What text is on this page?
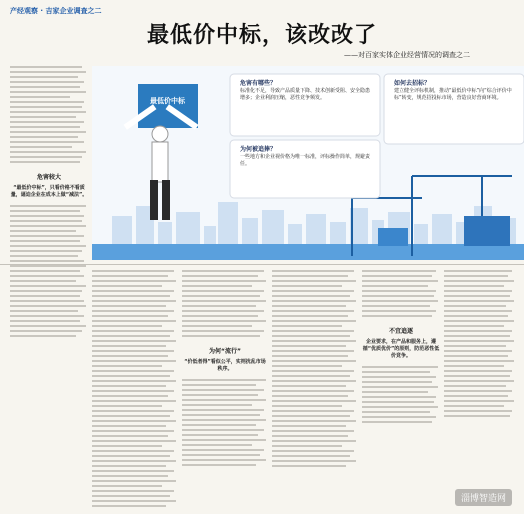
产经观察 · 吉家企业调查之二
最低价中标，该改改了
——对百家实体企业经营情况的调查之二
危害较大
“最低价中标”，只看价格不看质量，逼迫企业在成本上做“减法”。
最低价中标
危害有哪些？
标准化不足，导致产品质量下降、技术创新受阻、安全隐患增多；企业利润压缩，恶性竞争频发。
如何去招标？
建立健全评标机制，推动“最低价中标”向“综合评价中标”转变，规范招投标市场，营造良好营商环境。
为何被追捧？
一些地方和企业视价格为唯一标准，评标操作简单，规避责任。
为何“流行”
“价低者得”看似公平，实则扰乱市场秩序。
不宜追逐
企业要求，在产品和服务上，遵循“优质优价”的原则，防范恶性低价竞争。
淄博智造网
